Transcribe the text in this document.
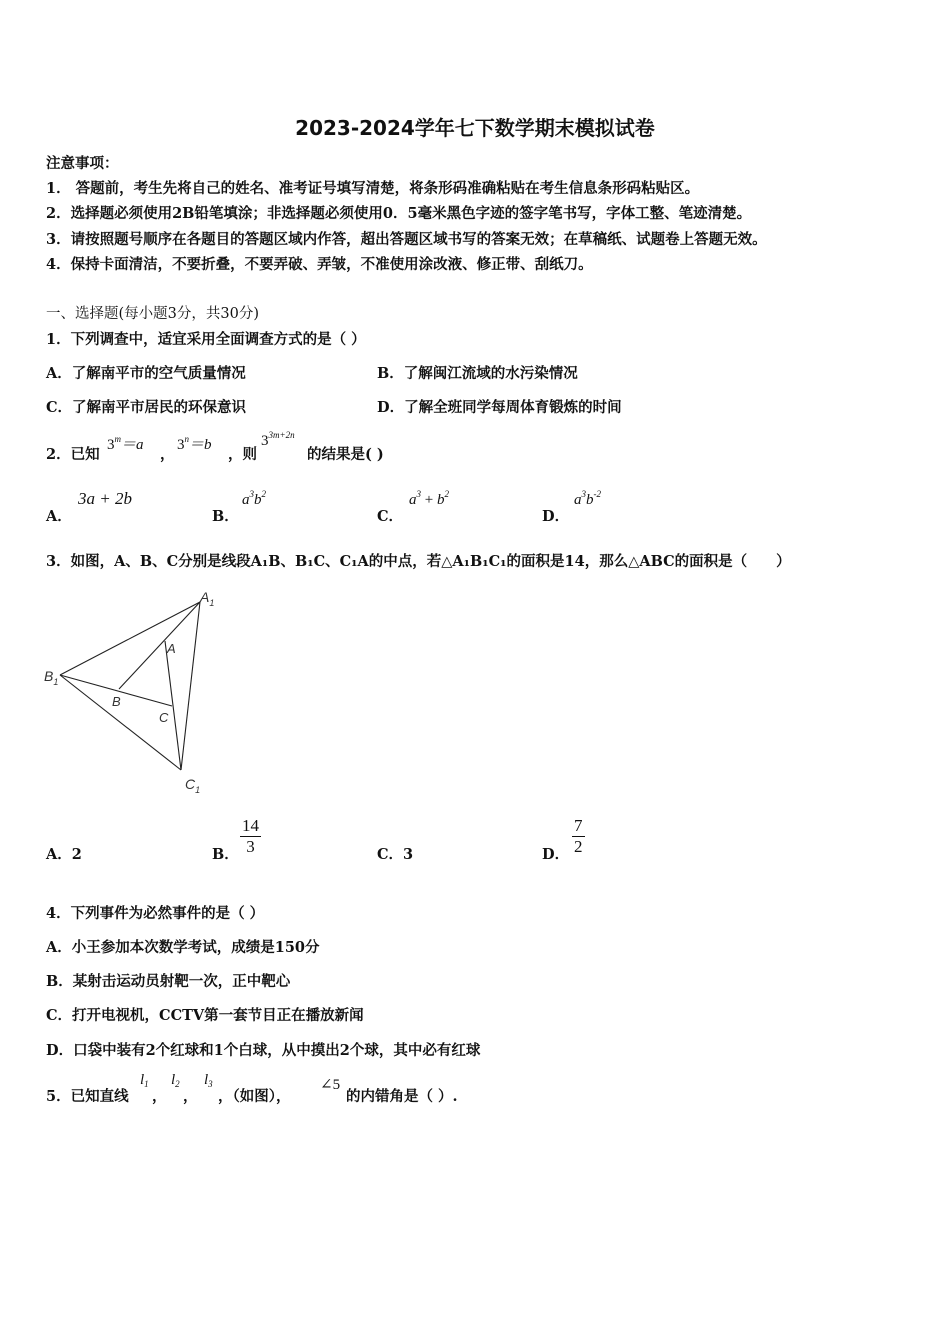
2023-2024学年七下数学期末模拟试卷
注意事项：
1． 答题前，考生先将自己的姓名、准考证号填写清楚，将条形码准确粘贴在考生信息条形码粘贴区。
2．选择题必须使用2B铅笔填涂；非选择题必须使用0．5毫米黑色字迹的签字笔书写，字体工整、笔迹清楚。
3．请按照题号顺序在各题目的答题区域内作答，超出答题区域书写的答案无效；在草稿纸、试题卷上答题无效。
4．保持卡面清洁，不要折叠，不要弄破、弄皱，不准使用涂改液、修正带、刮纸刀。
一、选择题(每小题3分，共30分)
1．下列调查中，适宜采用全面调查方式的是（ ）
A．了解南平市的空气质量情况	B．了解闽江流域的水污染情况
C．了解南平市居民的环保意识	D．了解全班同学每周体育锻炼的时间
2．已知
$3^m=a$
，
$3^n=b$
，则
$3^{3m+2n}$
的结果是( )
A．
3a + 2b
B．
$a^3b^2$
C．
$a^3 + b^2$
D．
$a^3b^{-2}$
3．如图，A、B、C分别是线段A₁B、B₁C、C₁A的中点，若△A₁B₁C₁的面积是14，那么△ABC的面积是（　　）
$A_1$
$B_1$
$C_1$
A
B
C
A．2	B． $\frac{14}{3}$	C．3	D． $\frac{7}{2}$
4．下列事件为必然事件的是（ ）
A．小王参加本次数学考试，成绩是150分
B．某射击运动员射靶一次，正中靶心
C．打开电视机，CCTV第一套节目正在播放新闻
D．口袋中装有2个红球和1个白球，从中摸出2个球，其中必有红球
5．已知直线
$l_1$
，
$l_2$
，
$l_3$
，（如图），
∠5
的内错角是（ ）.
